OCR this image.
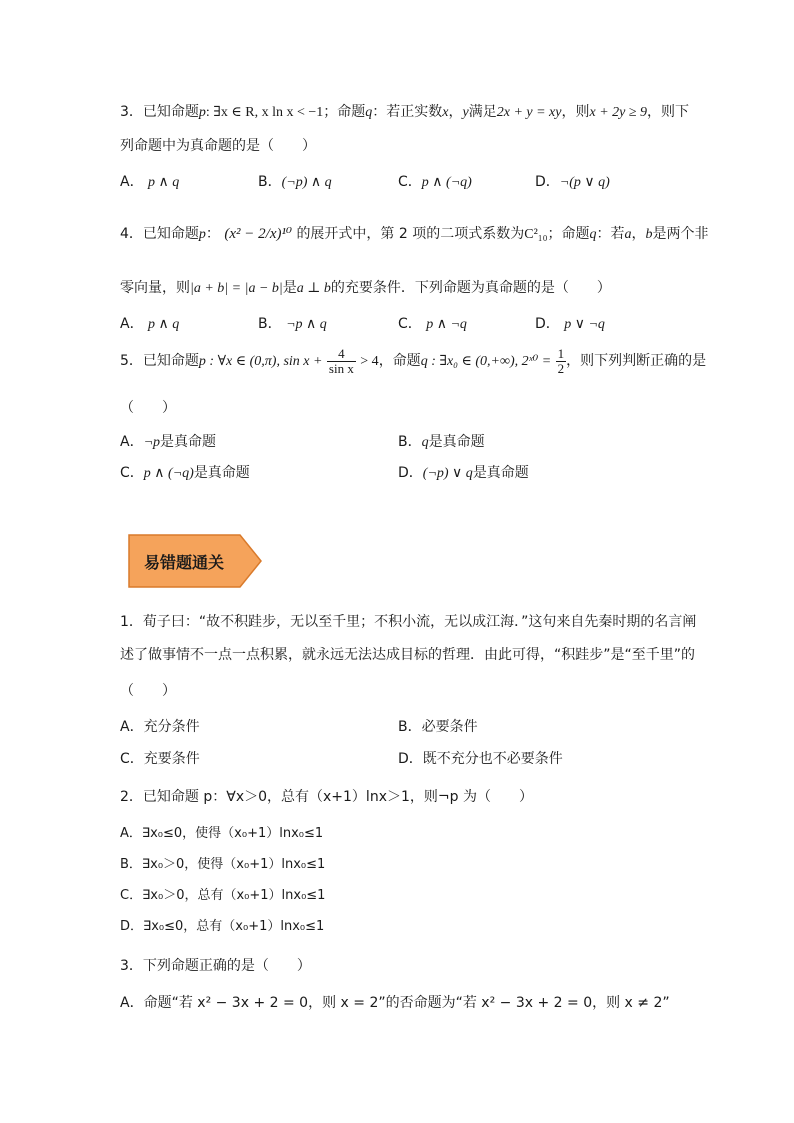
3．已知命题p: ∃x ∈ R, x ln x < −1；命题q：若正实数x，y满足2x + y = xy，则x + 2y ≥ 9，则下
列命题中为真命题的是（　　）
A． p ∧ q	B．(¬p) ∧ q	C．p ∧ (¬q)	D．¬(p ∨ q)
4．已知命题p： (x² − 2/x)¹⁰ 的展开式中，第 2 项的二项式系数为C²₁₀；命题q：若a，b是两个非
零向量，则|a + b| = |a − b|是a ⊥ b的充要条件．下列命题为真命题的是（　　）
A． p ∧ q	B． ¬p ∧ q	C． p ∧ ¬q	D． p ∨ ¬q
5．已知命题p : ∀x ∈ (0,π), $\sin x + \frac{4}{\text{sin x}} > 4$，命题q : ∃x₀ ∈ (0,+∞), 2ˣ⁰ = $\frac{1}{2}$ ，则下列判断正确的是
（　　）
A．¬p是真命题	B．q是真命题
C．p ∧ (¬q)是真命题	D．(¬p) ∨ q是真命题
易错题通关
1．荀子曰：“故不积跬步，无以至千里；不积小流，无以成江海．”这句来自先秦时期的名言阐
述了做事情不一点一点积累，就永远无法达成目标的哲理．由此可得，“积跬步”是“至千里”的
（　　）
A．充分条件	B．必要条件
C．充要条件	D．既不充分也不必要条件
2．已知命题 p：∀x＞0，总有（x+1）lnx＞1，则¬p 为（　　）
A．∃x₀≤0，使得（x₀+1）lnx₀≤1
B．∃x₀＞0，使得（x₀+1）lnx₀≤1
C．∃x₀＞0，总有（x₀+1）lnx₀≤1
D．∃x₀≤0，总有（x₀+1）lnx₀≤1
3．下列命题正确的是（　　）
A．命题“若 x² − 3x + 2 = 0，则 x = 2”的否命题为“若 x² − 3x + 2 = 0，则 x ≠ 2”
